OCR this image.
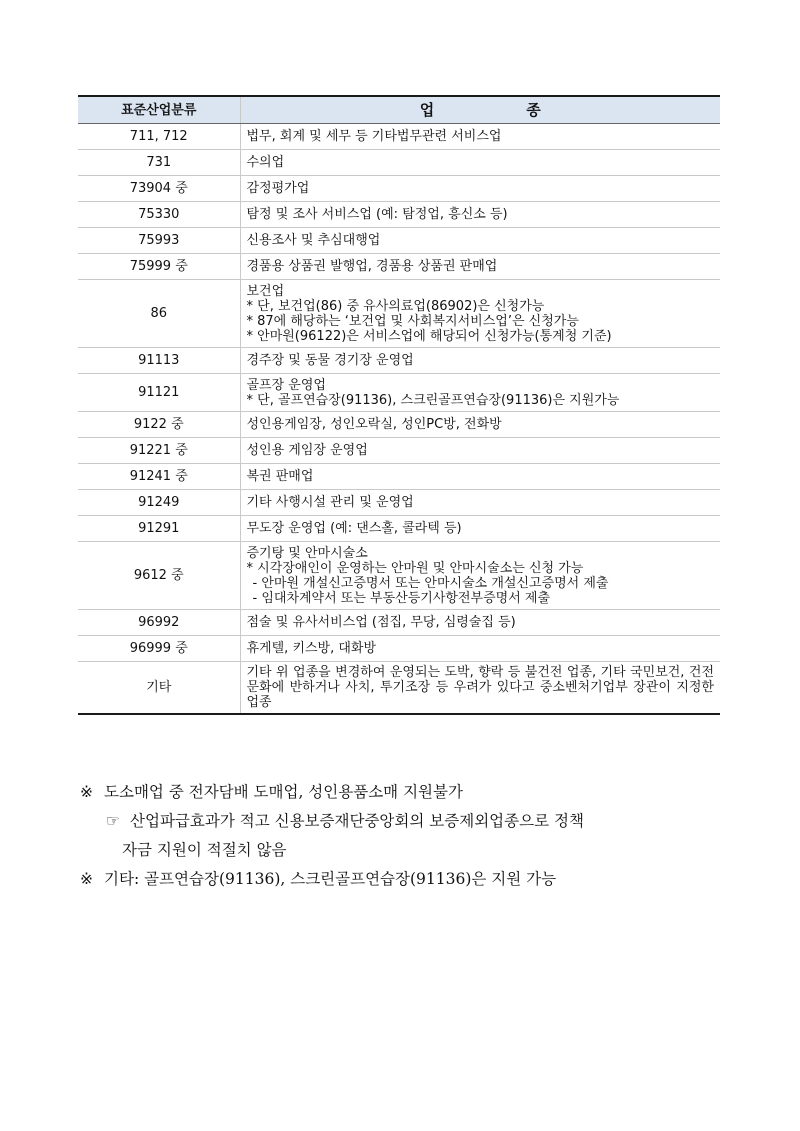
표준산업분류	업 종
711, 712	법무, 회계 및 세무 등 기타법무관련 서비스업

731	수의업

73904 중	감정평가업

75330	탐정 및 조사 서비스업 (예: 탐정업, 흥신소 등)

75993	신용조사 및 추심대행업

75999 중	경품용 상품권 발행업, 경품용 상품권 판매업

86	보건업
* 단, 보건업(86) 중 유사의료업(86902)은 신청가능
* 87에 해당하는 ‘보건업 및 사회복지서비스업’은 신청가능
* 안마원(96122)은 서비스업에 해당되어 신청가능(통계청 기준)

91113	경주장 및 동물 경기장 운영업

91121	골프장 운영업
* 단, 골프연습장(91136), 스크린골프연습장(91136)은 지원가능

9122 중	성인용게임장, 성인오락실, 성인PC방, 전화방

91221 중	성인용 게임장 운영업

91241 중	복권 판매업

91249	기타 사행시설 관리 및 운영업

91291	무도장 운영업 (예: 댄스홀, 콜라텍 등)

9612 중	증기탕 및 안마시술소
* 시각장애인이 운영하는 안마원 및 안마시술소는 신청 가능
- 안마원 개설신고증명서 또는 안마시술소 개설신고증명서 제출
- 임대차계약서 또는 부동산등기사항전부증명서 제출

96992	점술 및 유사서비스업 (점집, 무당, 심령술집 등)

96999 중	휴게텔, 키스방, 대화방

기타	기타 위 업종을 변경하여 운영되는 도박, 향락 등 불건전 업종, 기타 국민보건, 건전문화에 반하거나 사치, 투기조장 등 우려가 있다고 중소벤처기업부 장관이 지정한 업종
※ 도소매업 중 전자담배 도매업, 성인용품소매 지원불가
☞ 산업파급효과가 적고 신용보증재단중앙회의 보증제외업종으로 정책
자금 지원이 적절치 않음
※ 기타: 골프연습장(91136), 스크린골프연습장(91136)은 지원 가능
